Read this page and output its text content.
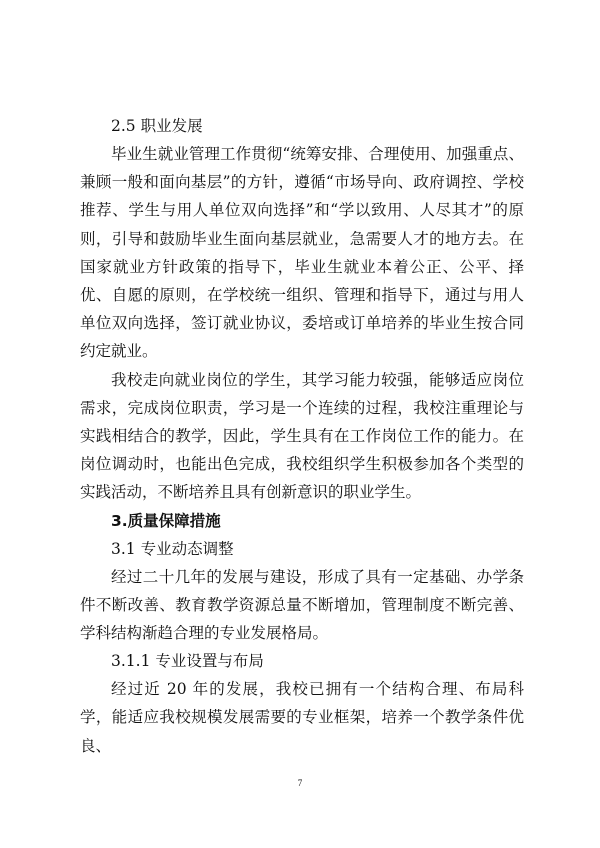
2.5 职业发展

毕业生就业管理工作贯彻“统筹安排、合理使用、加强重点、兼顾一般和面向基层”的方针，遵循“市场导向、政府调控、学校推荐、学生与用人单位双向选择”和“学以致用、人尽其才”的原则，引导和鼓励毕业生面向基层就业，急需要人才的地方去。在国家就业方针政策的指导下，毕业生就业本着公正、公平、择优、自愿的原则，在学校统一组织、管理和指导下，通过与用人单位双向选择，签订就业协议，委培或订单培养的毕业生按合同约定就业。

我校走向就业岗位的学生，其学习能力较强，能够适应岗位需求，完成岗位职责，学习是一个连续的过程，我校注重理论与实践相结合的教学，因此，学生具有在工作岗位工作的能力。在岗位调动时，也能出色完成，我校组织学生积极参加各个类型的实践活动，不断培养且具有创新意识的职业学生。

3.质量保障措施
3.1 专业动态调整

经过二十几年的发展与建设，形成了具有一定基础、办学条件不断改善、教育教学资源总量不断增加，管理制度不断完善、学科结构渐趋合理的专业发展格局。

3.1.1 专业设置与布局

经过近 20 年的发展，我校已拥有一个结构合理、布局科学，能适应我校规模发展需要的专业框架，培养一个教学条件优良、

7
